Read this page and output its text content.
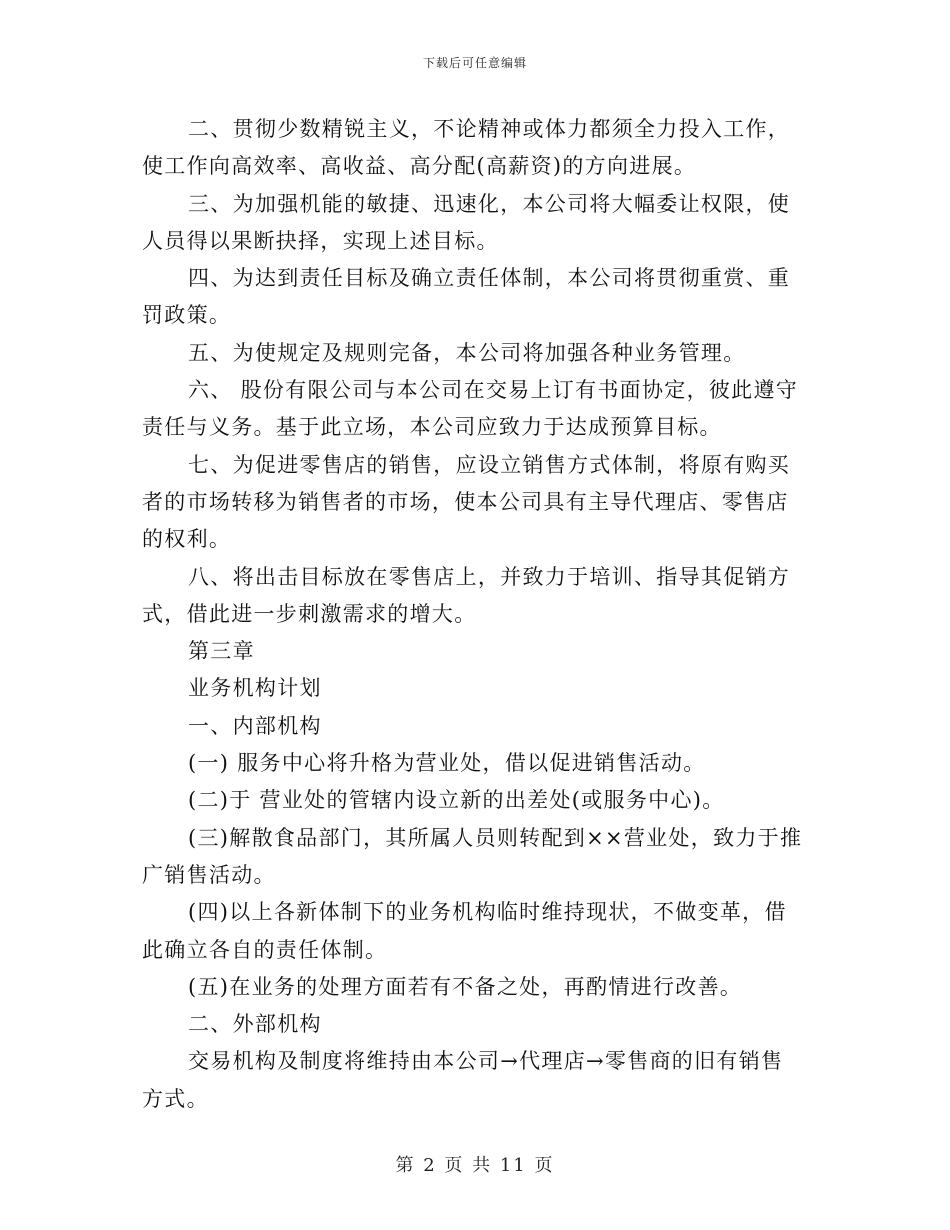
下载后可任意编辑

二、贯彻少数精锐主义，不论精神或体力都须全力投入工作，使工作向高效率、高收益、高分配(高薪资)的方向进展。

三、为加强机能的敏捷、迅速化，本公司将大幅委让权限，使人员得以果断抉择，实现上述目标。

四、为达到责任目标及确立责任体制，本公司将贯彻重赏、重罚政策。

五、为使规定及规则完备，本公司将加强各种业务管理。

六、 股份有限公司与本公司在交易上订有书面协定，彼此遵守责任与义务。基于此立场，本公司应致力于达成预算目标。

七、为促进零售店的销售，应设立销售方式体制，将原有购买者的市场转移为销售者的市场，使本公司具有主导代理店、零售店的权利。

八、将出击目标放在零售店上，并致力于培训、指导其促销方式，借此进一步刺激需求的增大。

第三章

业务机构计划

一、内部机构

(一) 服务中心将升格为营业处，借以促进销售活动。

(二)于 营业处的管辖内设立新的出差处(或服务中心)。

(三)解散食品部门，其所属人员则转配到××营业处，致力于推广销售活动。

(四)以上各新体制下的业务机构临时维持现状，不做变革，借此确立各自的责任体制。

(五)在业务的处理方面若有不备之处，再酌情进行改善。

二、外部机构

交易机构及制度将维持由本公司→代理店→零售商的旧有销售方式。

第 2 页 共 11 页
